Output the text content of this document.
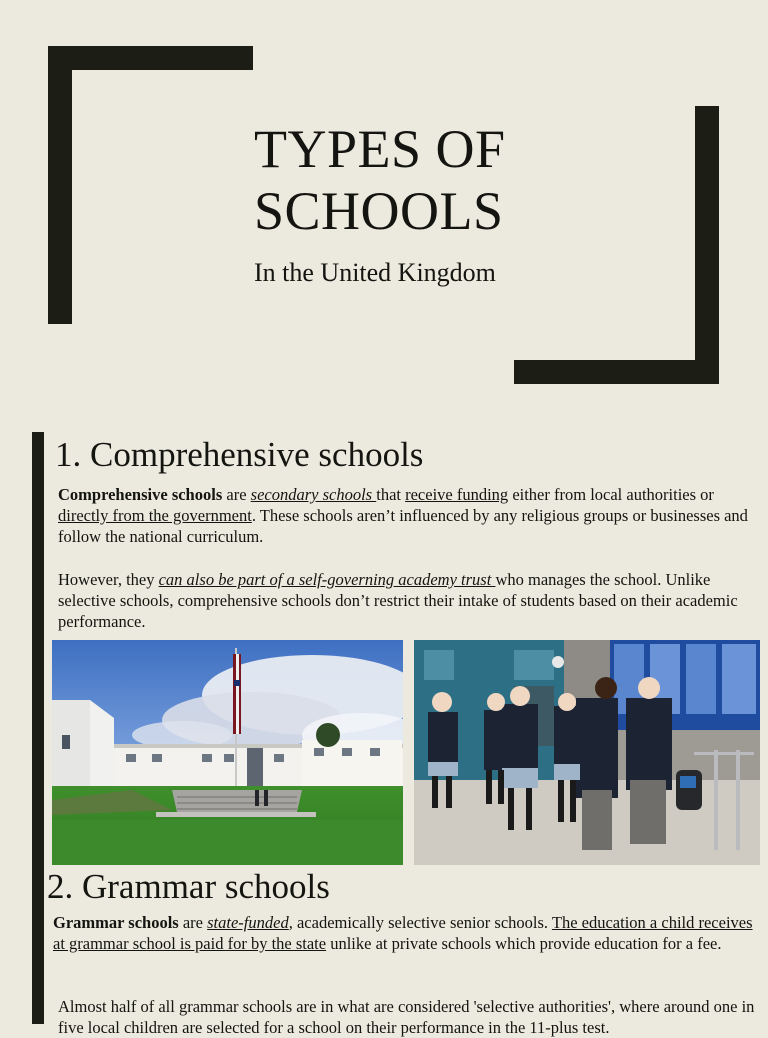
TYPES OF
SCHOOLS
In the United Kingdom
1. Comprehensive schools

Comprehensive schools are secondary schools that receive funding either from local authorities or directly from the government. These schools aren’t influenced by any religious groups or businesses and follow the national curriculum.

However, they can also be part of a self-governing academy trust who manages the school. Unlike selective schools, comprehensive schools don’t restrict their intake of students based on their academic performance.

2. Grammar schools

Grammar schools are state-funded, academically selective senior schools. The education a child receives at grammar school is paid for by the state unlike at private schools which provide education for a fee.

Almost half of all grammar schools are in what are considered 'selective authorities', where around one in five local children are selected for a school on their performance in the 11-plus test.
